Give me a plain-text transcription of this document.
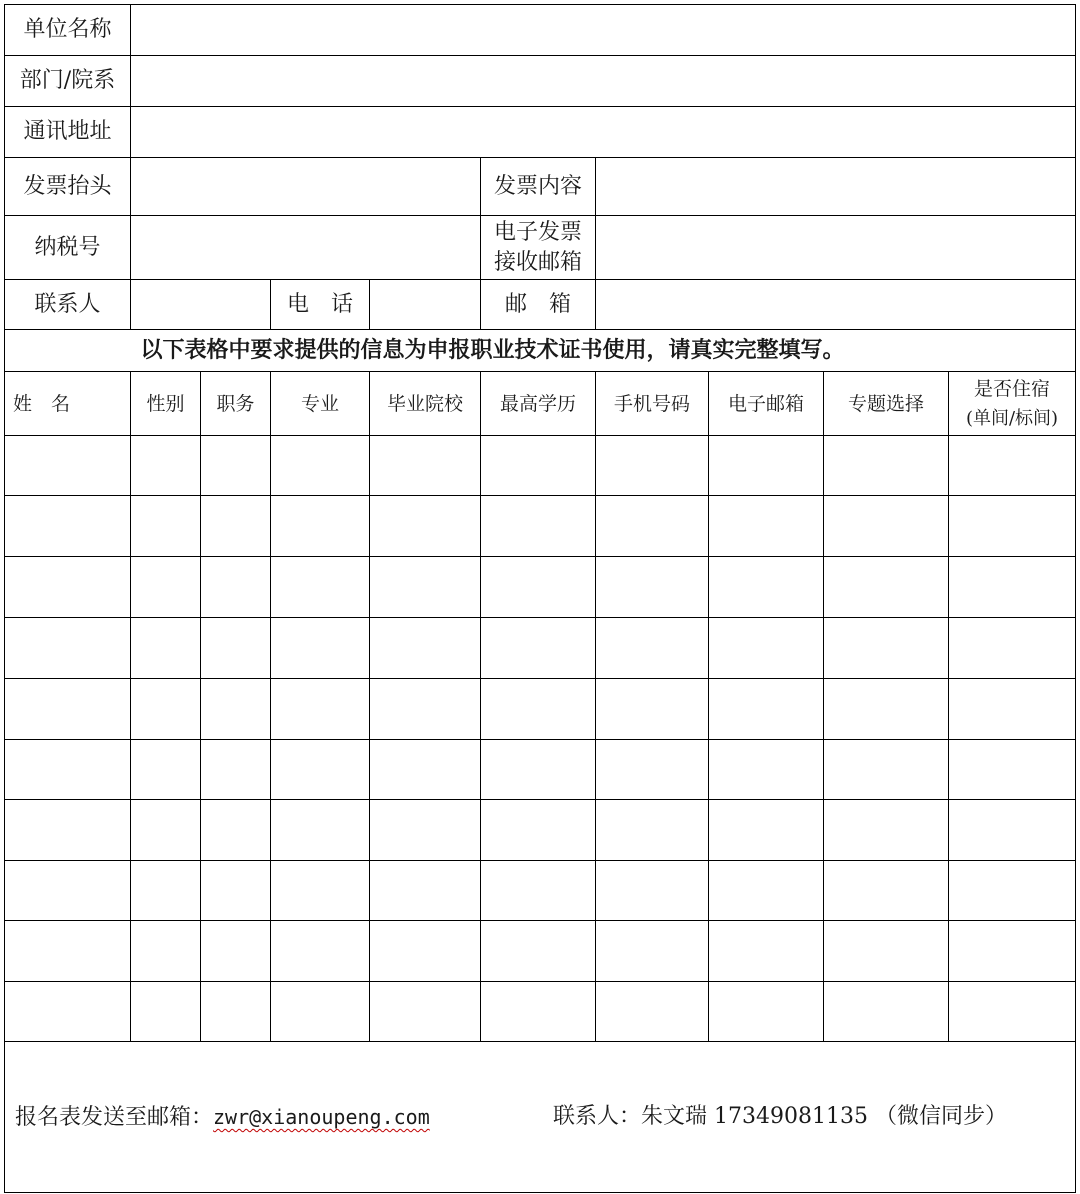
单位名称									
部门/院系									
通讯地址									
发票抬头					发票内容				
纳税号					电子发票
接收邮箱				

联系人			电　话		邮　箱				
	以下表格中要求提供的信息为申报职业技术证书使用，请真实完整填写。								
姓　名	性别	职务	专业	毕业院校	最高学历	手机号码	电子邮箱	专题选择	是否住宿
(单间/标间)

报名表发送至邮箱：zwr@xianoupeng.com 联系人：朱文瑞 17349081135 （微信同步）									
